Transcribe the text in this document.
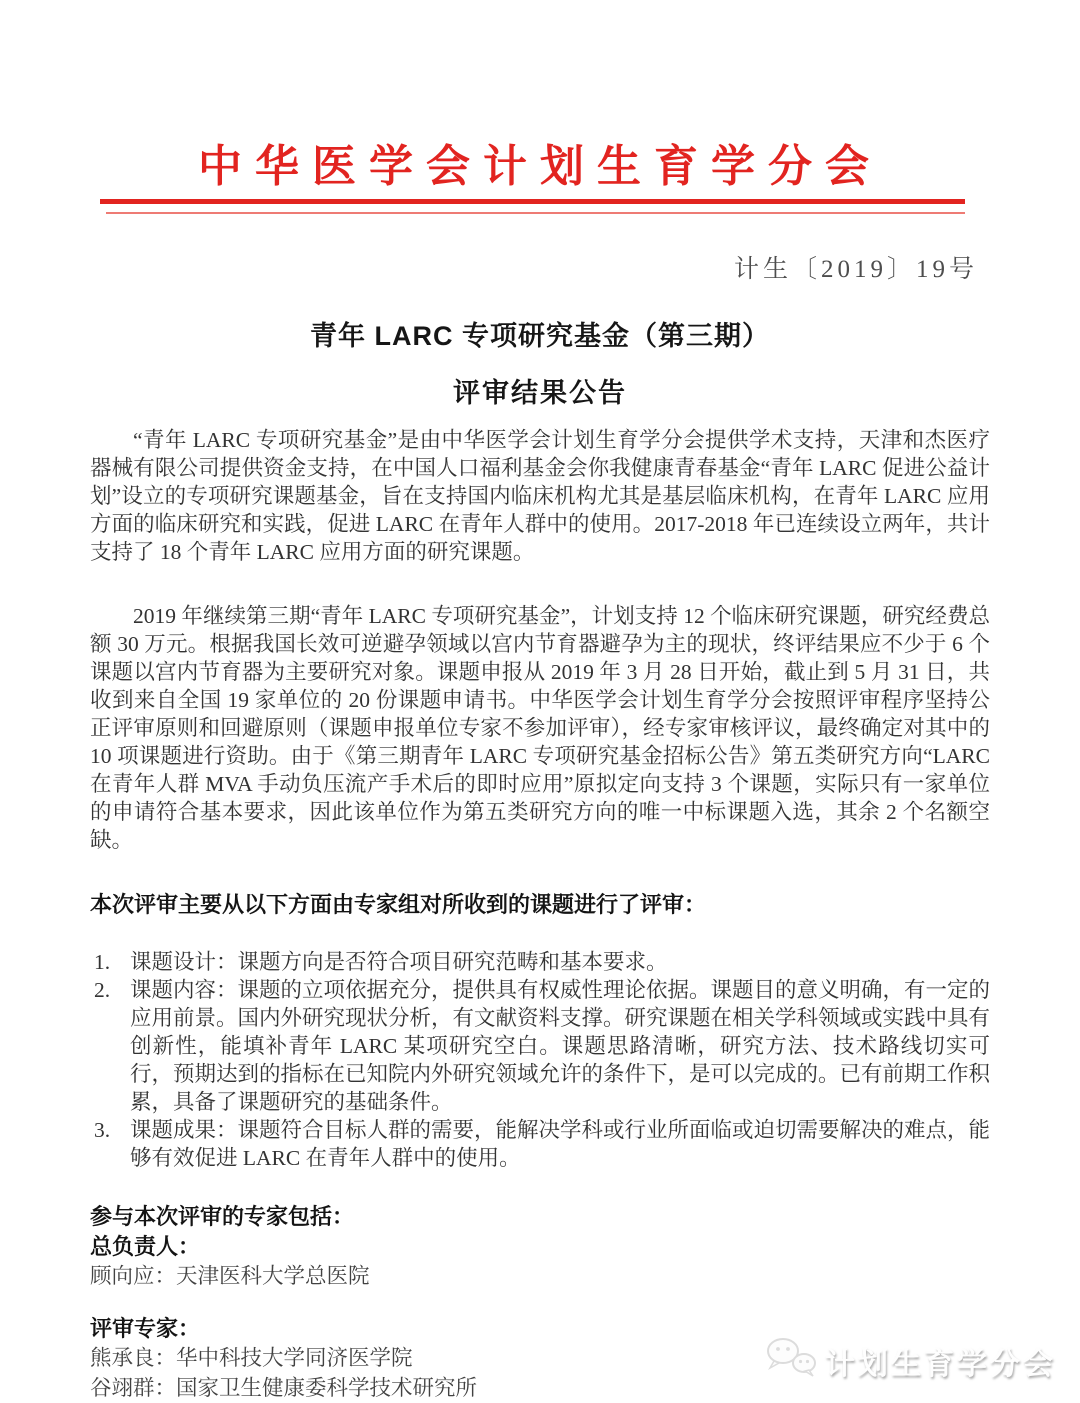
中华医学会计划生育学分会
计生〔2019〕19号
青年 LARC 专项研究基金（第三期）
评审结果公告

“青年 LARC 专项研究基金”是由中华医学会计划生育学分会提供学术支持，天津和杰医疗器械有限公司提供资金支持，在中国人口福利基金会你我健康青春基金“青年 LARC 促进公益计划”设立的专项研究课题基金，旨在支持国内临床机构尤其是基层临床机构，在青年 LARC 应用方面的临床研究和实践，促进 LARC 在青年人群中的使用。2017-2018 年已连续设立两年，共计支持了 18 个青年 LARC 应用方面的研究课题。

2019 年继续第三期“青年 LARC 专项研究基金”，计划支持 12 个临床研究课题，研究经费总额 30 万元。根据我国长效可逆避孕领域以宫内节育器避孕为主的现状，终评结果应不少于 6 个课题以宫内节育器为主要研究对象。课题申报从 2019 年 3 月 28 日开始，截止到 5 月 31 日，共收到来自全国 19 家单位的 20 份课题申请书。中华医学会计划生育学分会按照评审程序坚持公正评审原则和回避原则（课题申报单位专家不参加评审），经专家审核评议，最终确定对其中的 10 项课题进行资助。由于《第三期青年 LARC 专项研究基金招标公告》第五类研究方向“LARC 在青年人群 MVA 手动负压流产手术后的即时应用”原拟定向支持 3 个课题，实际只有一家单位的申请符合基本要求，因此该单位作为第五类研究方向的唯一中标课题入选，其余 2 个名额空缺。

本次评审主要从以下方面由专家组对所收到的课题进行了评审：
1. 课题设计：课题方向是否符合项目研究范畴和基本要求。
2. 课题内容：课题的立项依据充分，提供具有权威性理论依据。课题目的意义明确，有一定的应用前景。国内外研究现状分析，有文献资料支撑。研究课题在相关学科领域或实践中具有创新性，能填补青年 LARC 某项研究空白。课题思路清晰，研究方法、技术路线切实可行，预期达到的指标在已知院内外研究领域允许的条件下，是可以完成的。已有前期工作积累，具备了课题研究的基础条件。
3. 课题成果：课题符合目标人群的需要，能解决学科或行业所面临或迫切需要解决的难点，能够有效促进 LARC 在青年人群中的使用。
参与本次评审的专家包括：
总负责人：
顾向应：天津医科大学总医院
评审专家：
熊承良：华中科技大学同济医学院
谷翊群：国家卫生健康委科学技术研究所
计划生育学分会
